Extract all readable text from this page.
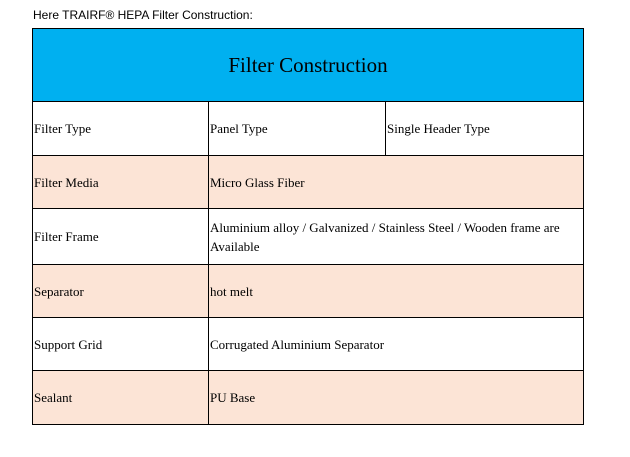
Here TRAIRF® HEPA Filter Construction:
Filter Construction		
Filter Type	Panel Type	Single Header Type
Filter Media	Micro Glass Fiber	
Filter Frame	Aluminium alloy / Galvanized / Stainless Steel / Wooden frame are Available	
Separator	hot melt	
Support Grid	Corrugated Aluminium Separator	
Sealant	PU Base	
